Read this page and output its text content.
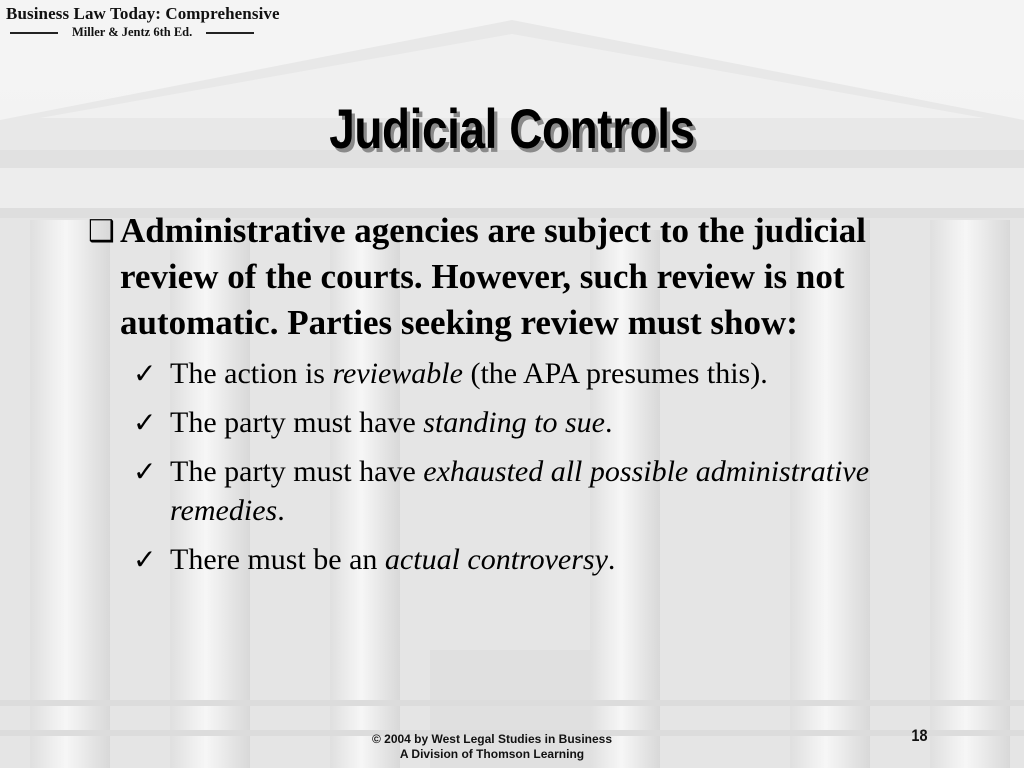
Business Law Today: Comprehensive
Miller & Jentz 6th Ed.
Judicial Controls
❑ Administrative agencies are subject to the judicial review of the courts. However, such review is not automatic. Parties seeking review must show:
✓ The action is reviewable (the APA presumes this).
✓ The party must have standing to sue.
✓ The party must have exhausted all possible administrative remedies.
✓ There must be an actual controversy.
© 2004 by West Legal Studies in Business
A Division of Thomson Learning
18
